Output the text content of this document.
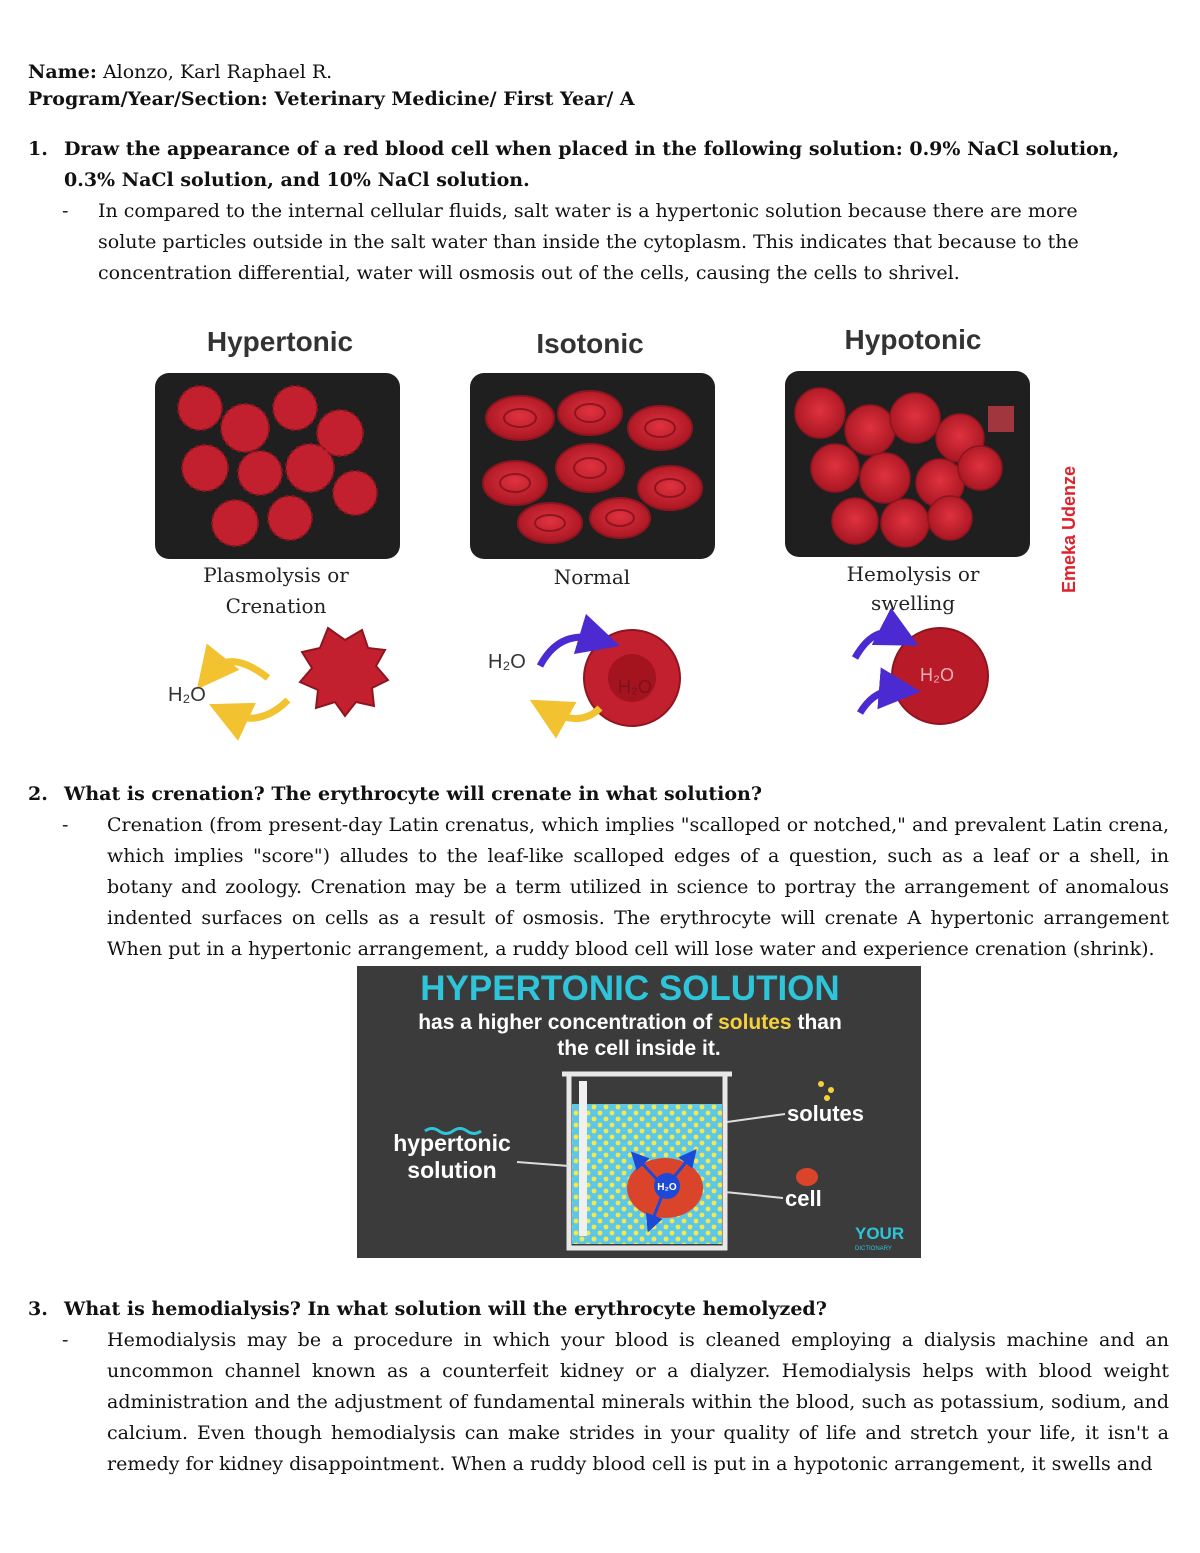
Name: Alonzo, Karl Raphael R.
Program/Year/Section: Veterinary Medicine/ First Year/ A
1. Draw the appearance of a red blood cell when placed in the following solution: 0.9% NaCl solution, 0.3% NaCl solution, and 10% NaCl solution.
-	In compared to the internal cellular fluids, salt water is a hypertonic solution because there are more solute particles outside in the salt water than inside the cytoplasm. This indicates that because to the concentration differential, water will osmosis out of the cells, causing the cells to shrivel.
Hypertonic	Isotonic	Hypotonic
Plasmolysis or
Crenation
Normal	Hemolysis or
swelling
Emeka Udenze
H₂O
H₂O
H₂O
H₂O
2. What is crenation? The erythrocyte will crenate in what solution?
-	Crenation (from present-day Latin crenatus, which implies "scalloped or notched," and prevalent Latin crena, which implies "score") alludes to the leaf-like scalloped edges of a question, such as a leaf or a shell, in botany and zoology. Crenation may be a term utilized in science to portray the arrangement of anomalous indented surfaces on cells as a result of osmosis. The erythrocyte will crenate A hypertonic arrangement When put in a hypertonic arrangement, a ruddy blood cell will lose water and experience crenation (shrink).
HYPERTONIC SOLUTION
has a higher concentration of solutes than
the cell inside it.
H₂O
hypertonic
solution
solutes
cell
YOUR
DICTIONARY
3. What is hemodialysis? In what solution will the erythrocyte hemolyzed?
-	Hemodialysis may be a procedure in which your blood is cleaned employing a dialysis machine and an uncommon channel known as a counterfeit kidney or a dialyzer. Hemodialysis helps with blood weight administration and the adjustment of fundamental minerals within the blood, such as potassium, sodium, and calcium. Even though hemodialysis can make strides in your quality of life and stretch your life, it isn't a remedy for kidney disappointment. When a ruddy blood cell is put in a hypotonic arrangement, it swells and
